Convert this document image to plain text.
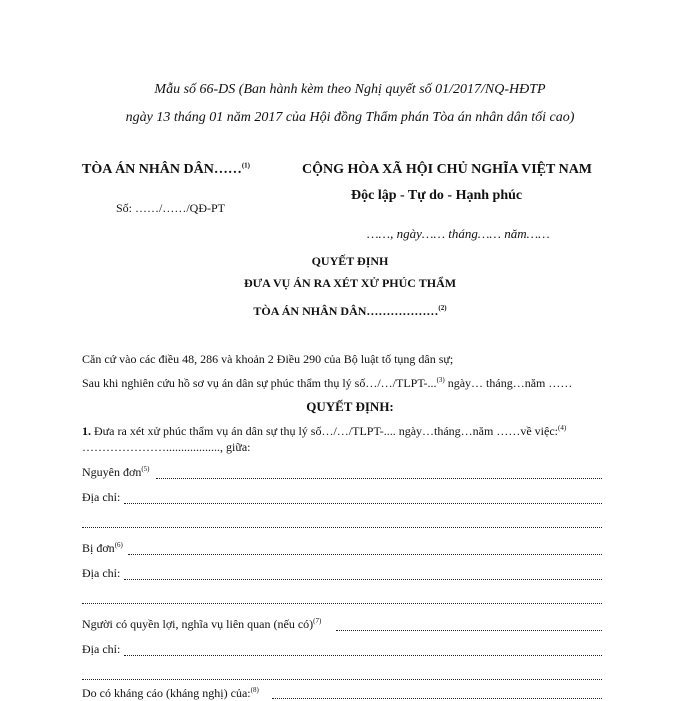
Mẫu số 66-DS (Ban hành kèm theo Nghị quyết số 01/2017/NQ-HĐTP
ngày 13 tháng 01 năm 2017 của Hội đồng Thẩm phán Tòa án nhân dân tối cao)
TÒA ÁN NHÂN DÂN……$^{(1)}$
Số: ……/……/QĐ-PT
CỘNG HÒA XÃ HỘI CHỦ NGHĨA VIỆT NAM
Độc lập - Tự do - Hạnh phúc
……, ngày…… tháng…… năm……
QUYẾT ĐỊNH
ĐƯA VỤ ÁN RA XÉT XỬ PHÚC THẨM
TÒA ÁN NHÂN DÂN………………$^{(2)}$
Căn cứ vào các điều 48, 286 và khoản 2 Điều 290 của Bộ luật tố tụng dân sự;
Sau khi nghiên cứu hồ sơ vụ án dân sự phúc thẩm thụ lý số…/…/TLPT-...$^{(3)}$ ngày… tháng…năm ……
QUYẾT ĐỊNH:
1. Đưa ra xét xử phúc thẩm vụ án dân sự thụ lý số…/…/TLPT-.... ngày…tháng…năm ……về việc:$^{(4)}$
………………….................., giữa:
Nguyên đơn$^{(5)}$
Địa chỉ:
Bị đơn$^{(6)}$
Địa chỉ:
Người có quyền lợi, nghĩa vụ liên quan (nếu có)$^{(7)}$
Địa chỉ:
Do có kháng cáo (kháng nghị) của:$^{(8)}$
